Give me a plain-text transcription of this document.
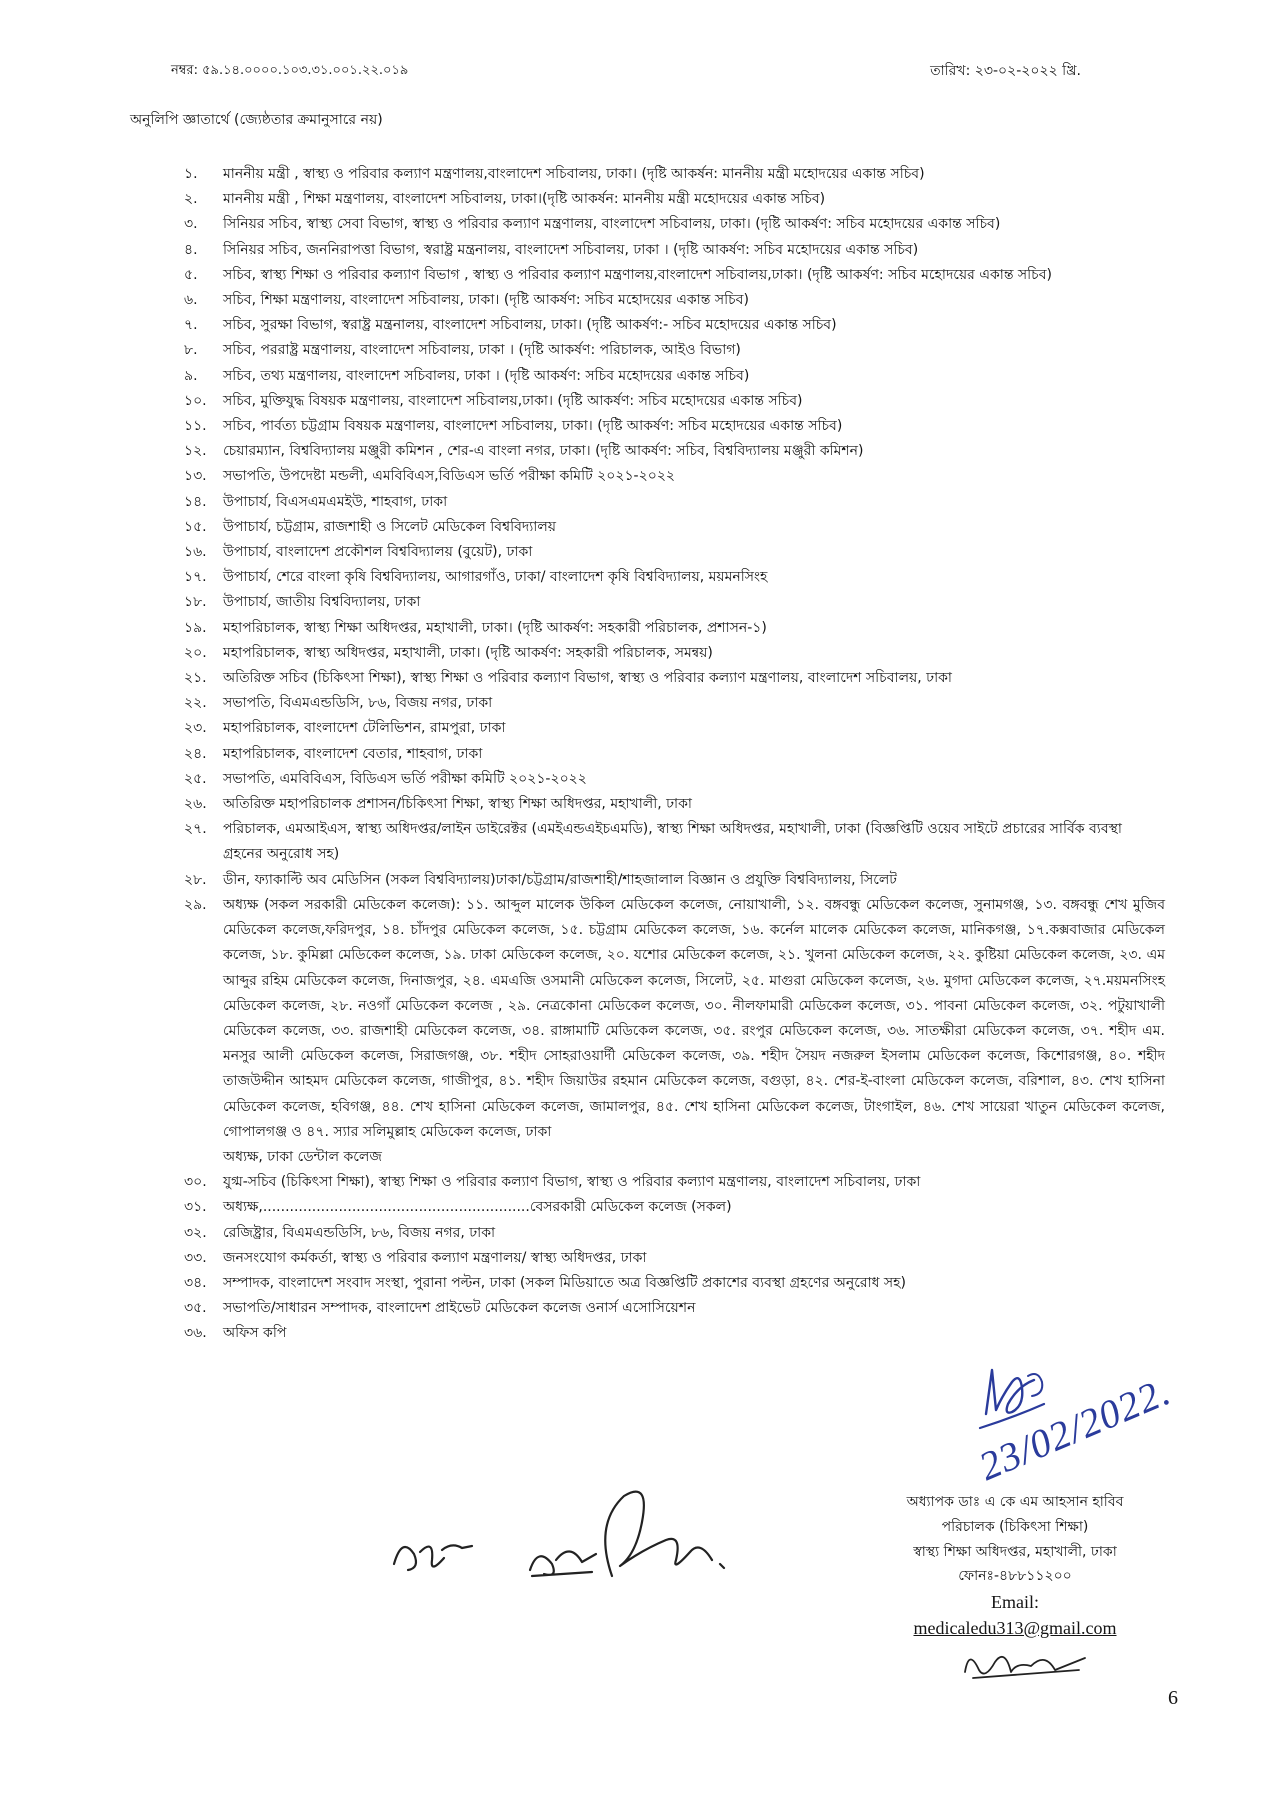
নম্বর: ৫৯.১৪.০০০০.১০৩.৩১.০০১.২২.০১৯	তারিখ: ২৩-০২-২০২২ খ্রি.
অনুলিপি জ্ঞাতার্থে (জ্যেষ্ঠতার ক্রমানুসারে নয়)
১.	মাননীয় মন্ত্রী , স্বাস্থ্য ও পরিবার কল্যাণ মন্ত্রণালয়,বাংলাদেশ সচিবালয়, ঢাকা। (দৃষ্টি আকর্ষন: মাননীয় মন্ত্রী মহোদয়ের একান্ত সচিব)
২.	মাননীয় মন্ত্রী , শিক্ষা মন্ত্রণালয়, বাংলাদেশ সচিবালয়, ঢাকা।(দৃষ্টি আকর্ষন: মাননীয় মন্ত্রী মহোদয়ের একান্ত সচিব)
৩.	সিনিয়র সচিব, স্বাস্থ্য সেবা বিভাগ, স্বাস্থ্য ও পরিবার কল্যাণ মন্ত্রণালয়, বাংলাদেশ সচিবালয়, ঢাকা। (দৃষ্টি আকর্ষণ: সচিব মহোদয়ের একান্ত সচিব)
৪.	সিনিয়র সচিব, জননিরাপত্তা বিভাগ, স্বরাষ্ট্র মন্ত্রনালয়, বাংলাদেশ সচিবালয়, ঢাকা । (দৃষ্টি আকর্ষণ: সচিব মহোদয়ের একান্ত সচিব)
৫.	সচিব, স্বাস্থ্য শিক্ষা ও পরিবার কল্যাণ বিভাগ , স্বাস্থ্য ও পরিবার কল্যাণ মন্ত্রণালয়,বাংলাদেশ সচিবালয়,ঢাকা। (দৃষ্টি আকর্ষণ: সচিব মহোদয়ের একান্ত সচিব)
৬.	সচিব, শিক্ষা মন্ত্রণালয়, বাংলাদেশ সচিবালয়, ঢাকা। (দৃষ্টি আকর্ষণ: সচিব মহোদয়ের একান্ত সচিব)
৭.	সচিব, সুরক্ষা বিভাগ, স্বরাষ্ট্র মন্ত্রনালয়, বাংলাদেশ সচিবালয়, ঢাকা। (দৃষ্টি আকর্ষণ:- সচিব মহোদয়ের একান্ত সচিব)
৮.	সচিব, পররাষ্ট্র মন্ত্রণালয়, বাংলাদেশ সচিবালয়, ঢাকা । (দৃষ্টি আকর্ষণ: পরিচালক, আইও বিভাগ)
৯.	সচিব, তথ্য মন্ত্রণালয়, বাংলাদেশ সচিবালয়, ঢাকা । (দৃষ্টি আকর্ষণ: সচিব মহোদয়ের একান্ত সচিব)
১০.	সচিব, মুক্তিযুদ্ধ বিষয়ক মন্ত্রণালয়, বাংলাদেশ সচিবালয়,ঢাকা। (দৃষ্টি আকর্ষণ: সচিব মহোদয়ের একান্ত সচিব)
১১.	সচিব, পার্বত্য চট্টগ্রাম বিষয়ক মন্ত্রণালয়, বাংলাদেশ সচিবালয়, ঢাকা। (দৃষ্টি আকর্ষণ: সচিব মহোদয়ের একান্ত সচিব)
১২.	চেয়ারম্যান, বিশ্ববিদ্যালয় মঞ্জুরী কমিশন , শের-এ বাংলা নগর, ঢাকা। (দৃষ্টি আকর্ষণ: সচিব, বিশ্ববিদ্যালয় মঞ্জুরী কমিশন)
১৩.	সভাপতি, উপদেষ্টা মন্ডলী, এমবিবিএস,বিডিএস ভর্তি পরীক্ষা কমিটি ২০২১-২০২২
১৪.	উপাচার্য, বিএসএমএমইউ, শাহবাগ, ঢাকা
১৫.	উপাচার্য, চট্টগ্রাম, রাজশাহী ও সিলেট মেডিকেল বিশ্ববিদ্যালয়
১৬.	উপাচার্য, বাংলাদেশ প্রকৌশল বিশ্ববিদ্যালয় (বুয়েট), ঢাকা
১৭.	উপাচার্য, শেরে বাংলা কৃষি বিশ্ববিদ্যালয়, আগারগাঁও, ঢাকা/ বাংলাদেশ কৃষি বিশ্ববিদ্যালয়, ময়মনসিংহ
১৮.	উপাচার্য, জাতীয় বিশ্ববিদ্যালয়, ঢাকা
১৯.	মহাপরিচালক, স্বাস্থ্য শিক্ষা অধিদপ্তর, মহাখালী, ঢাকা। (দৃষ্টি আকর্ষণ: সহকারী পরিচালক, প্রশাসন-১)
২০.	মহাপরিচালক, স্বাস্থ্য অধিদপ্তর, মহাখালী, ঢাকা। (দৃষ্টি আকর্ষণ: সহকারী পরিচালক, সমন্বয়)
২১.	অতিরিক্ত সচিব (চিকিৎসা শিক্ষা), স্বাস্থ্য শিক্ষা ও পরিবার কল্যাণ বিভাগ, স্বাস্থ্য ও পরিবার কল্যাণ মন্ত্রণালয়, বাংলাদেশ সচিবালয়, ঢাকা
২২.	সভাপতি, বিএমএন্ডডিসি, ৮৬, বিজয় নগর, ঢাকা
২৩.	মহাপরিচালক, বাংলাদেশ টেলিভিশন, রামপুরা, ঢাকা
২৪.	মহাপরিচালক, বাংলাদেশ বেতার, শাহবাগ, ঢাকা
২৫.	সভাপতি, এমবিবিএস, বিডিএস ভর্তি পরীক্ষা কমিটি ২০২১-২০২২
২৬.	অতিরিক্ত মহাপরিচালক প্রশাসন/চিকিৎসা শিক্ষা, স্বাস্থ্য শিক্ষা অধিদপ্তর, মহাখালী, ঢাকা
২৭.	পরিচালক, এমআইএস, স্বাস্থ্য অধিদপ্তর/লাইন ডাইরেক্টর (এমইএন্ডএইচএমডি), স্বাস্থ্য শিক্ষা অধিদপ্তর, মহাখালী, ঢাকা (বিজ্ঞপ্তিটি ওয়েব সাইটে প্রচারের সার্বিক ব্যবস্থা গ্রহনের অনুরোধ সহ)
২৮.	ডীন, ফ্যাকাল্টি অব মেডিসিন (সকল বিশ্ববিদ্যালয়)ঢাকা/চট্টগ্রাম/রাজশাহী/শাহজালাল বিজ্ঞান ও প্রযুক্তি বিশ্ববিদ্যালয়, সিলেট
২৯.	অধ্যক্ষ (সকল সরকারী মেডিকেল কলেজ): ১১. আব্দুল মালেক উকিল মেডিকেল কলেজ, নোয়াখালী, ১২. বঙ্গবন্ধু মেডিকেল কলেজ, সুনামগঞ্জ, ১৩. বঙ্গবন্ধু শেখ মুজিব মেডিকেল কলেজ,ফরিদপুর, ১৪. চাঁদপুর মেডিকেল কলেজ, ১৫. চট্টগ্রাম মেডিকেল কলেজ, ১৬. কর্নেল মালেক মেডিকেল কলেজ, মানিকগঞ্জ, ১৭.কক্সবাজার মেডিকেল কলেজ, ১৮. কুমিল্লা মেডিকেল কলেজ, ১৯. ঢাকা মেডিকেল কলেজ, ২০. যশোর মেডিকেল কলেজ, ২১. খুলনা মেডিকেল কলেজ, ২২. কুষ্টিয়া মেডিকেল কলেজ, ২৩. এম আব্দুর রহিম মেডিকেল কলেজ, দিনাজপুর, ২৪. এমএজি ওসমানী মেডিকেল কলেজ, সিলেট, ২৫. মাগুরা মেডিকেল কলেজ, ২৬. মুগদা মেডিকেল কলেজ, ২৭.ময়মনসিংহ মেডিকেল কলেজ, ২৮. নওগাঁ মেডিকেল কলেজ , ২৯. নেত্রকোনা মেডিকেল কলেজ, ৩০. নীলফামারী মেডিকেল কলেজ, ৩১. পাবনা মেডিকেল কলেজ, ৩২. পটুয়াখালী মেডিকেল কলেজ, ৩৩. রাজশাহী মেডিকেল কলেজ, ৩৪. রাঙ্গামাটি মেডিকেল কলেজ, ৩৫. রংপুর মেডিকেল কলেজ, ৩৬. সাতক্ষীরা মেডিকেল কলেজ, ৩৭. শহীদ এম. মনসুর আলী মেডিকেল কলেজ, সিরাজগঞ্জ, ৩৮. শহীদ সোহরাওয়ার্দী মেডিকেল কলেজ, ৩৯. শহীদ সৈয়দ নজরুল ইসলাম মেডিকেল কলেজ, কিশোরগঞ্জ, ৪০. শহীদ তাজউদ্দীন আহমদ মেডিকেল কলেজ, গাজীপুর, ৪১. শহীদ জিয়াউর রহমান মেডিকেল কলেজ, বগুড়া, ৪২. শের-ই-বাংলা মেডিকেল কলেজ, বরিশাল, ৪৩. শেখ হাসিনা মেডিকেল কলেজ, হবিগঞ্জ, ৪৪. শেখ হাসিনা মেডিকেল কলেজ, জামালপুর, ৪৫. শেখ হাসিনা মেডিকেল কলেজ, টাংগাইল, ৪৬. শেখ সায়েরা খাতুন মেডিকেল কলেজ, গোপালগঞ্জ ও ৪৭. স্যার সলিমুল্লাহ মেডিকেল কলেজ, ঢাকা
অধ্যক্ষ, ঢাকা ডেন্টাল কলেজ
৩০.	যুগ্ম-সচিব (চিকিৎসা শিক্ষা), স্বাস্থ্য শিক্ষা ও পরিবার কল্যাণ বিভাগ, স্বাস্থ্য ও পরিবার কল্যাণ মন্ত্রণালয়, বাংলাদেশ সচিবালয়, ঢাকা
৩১.	অধ্যক্ষ,............................................................বেসরকারী মেডিকেল কলেজ (সকল)
৩২.	রেজিষ্ট্রার, বিএমএন্ডডিসি, ৮৬, বিজয় নগর, ঢাকা
৩৩.	জনসংযোগ কর্মকর্তা, স্বাস্থ্য ও পরিবার কল্যাণ মন্ত্রণালয়/ স্বাস্থ্য অধিদপ্তর, ঢাকা
৩৪.	সম্পাদক, বাংলাদেশ সংবাদ সংস্থা, পুরানা পল্টন, ঢাকা (সকল মিডিয়াতে অত্র বিজ্ঞপ্তিটি প্রকাশের ব্যবস্থা গ্রহণের অনুরোধ সহ)
৩৫.	সভাপতি/সাধারন সম্পাদক, বাংলাদেশ প্রাইভেট মেডিকেল কলেজ ওনার্স এসোসিয়েশন
৩৬.	অফিস কপি
23/02/2022.
অধ্যাপক ডাঃ এ কে এম আহসান হাবিব
পরিচালক (চিকিৎসা শিক্ষা)
স্বাস্থ্য শিক্ষা অধিদপ্তর, মহাখালী, ঢাকা
ফোনঃ-৪৮৮১১২০০
Email:
medicaledu313@gmail.com
6
